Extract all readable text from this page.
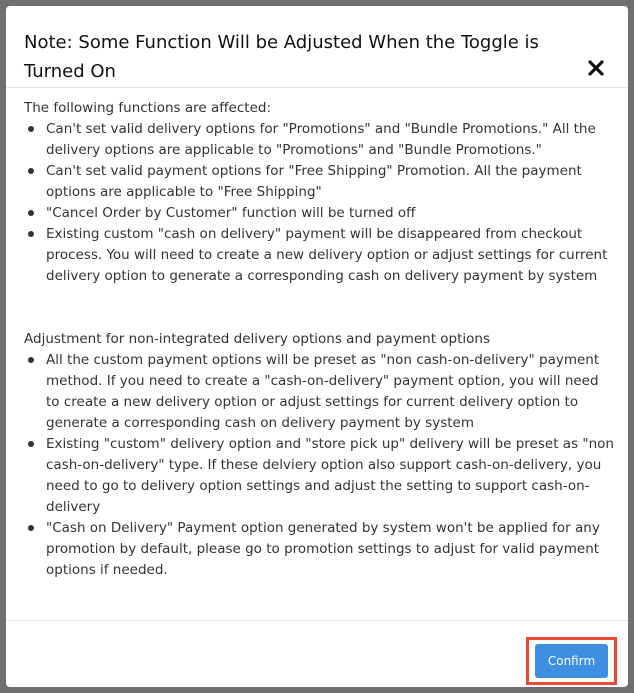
Note: Some Function Will be Adjusted When the Toggle is Turned On

The following functions are affected:

Can't set valid delivery options for "Promotions" and "Bundle Promotions." All the delivery options are applicable to "Promotions" and "Bundle Promotions."
Can't set valid payment options for "Free Shipping" Promotion. All the payment options are applicable to "Free Shipping"
"Cancel Order by Customer" function will be turned off
Existing custom "cash on delivery" payment will be disappeared from checkout process. You will need to create a new delivery option or adjust settings for current delivery option to generate a corresponding cash on delivery payment by system

Adjustment for non-integrated delivery options and payment options

All the custom payment options will be preset as "non cash-on-delivery" payment method. If you need to create a "cash-on-delivery" payment option, you will need to create a new delivery option or adjust settings for current delivery option to generate a corresponding cash on delivery payment by system
Existing "custom" delivery option and "store pick up" delivery will be preset as "non cash-on-delivery" type. If these delviery option also support cash-on-delivery, you need to go to delivery option settings and adjust the setting to support cash-on-delivery
"Cash on Delivery" Payment option generated by system won't be applied for any promotion by default, please go to promotion settings to adjust for valid payment options if needed.
Confirm
